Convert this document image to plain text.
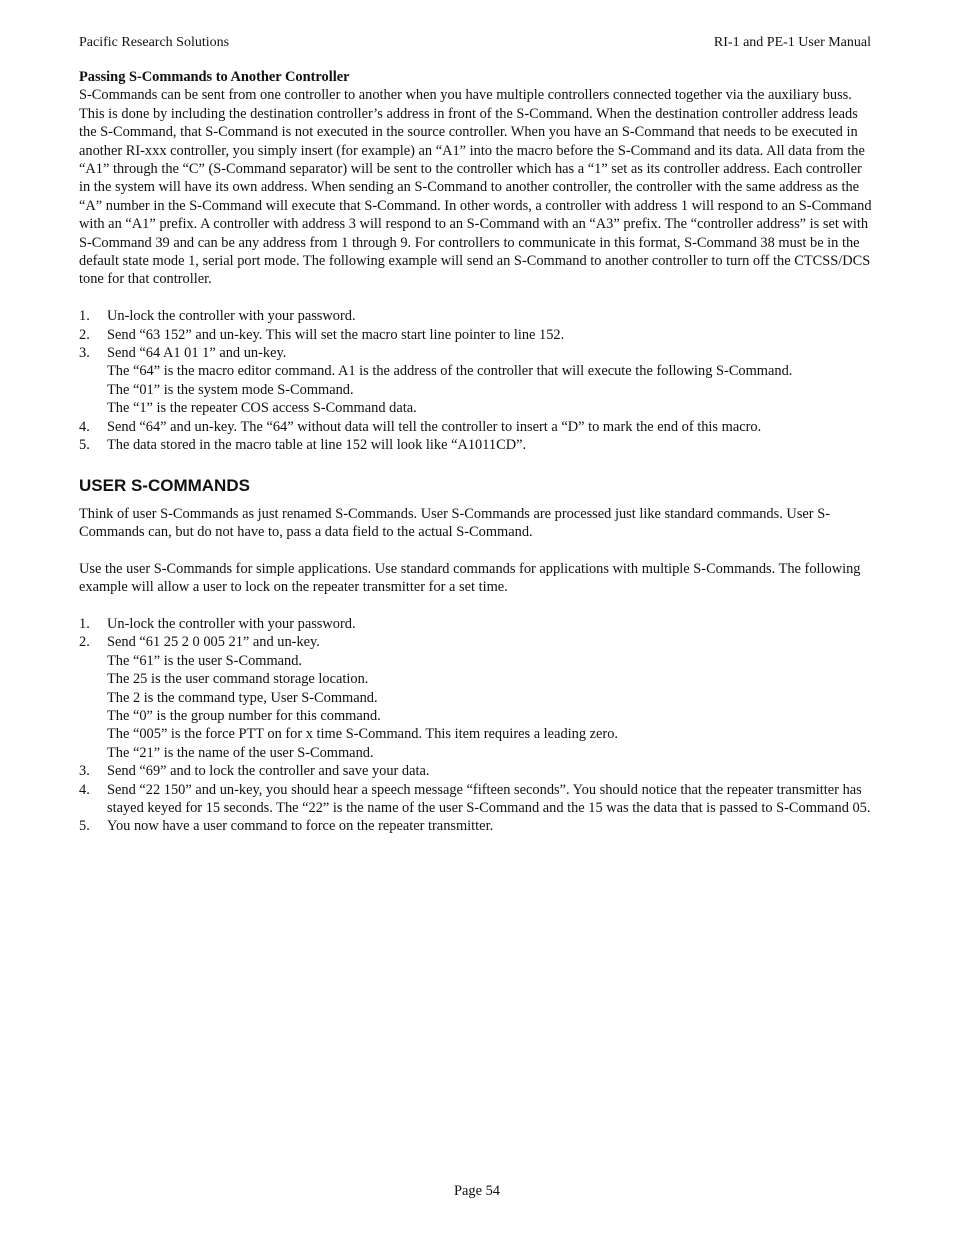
Pacific Research Solutions	RI-1 and PE-1 User Manual

Passing S-Commands to Another Controller

S-Commands can be sent from one controller to another when you have multiple controllers connected together via the auxiliary buss. This is done by including the destination controller’s address in front of the S-Command. When the destination controller address leads the S-Command, that S-Command is not executed in the source controller. When you have an S-Command that needs to be executed in another RI-xxx controller, you simply insert (for example) an “A1” into the macro before the S-Command and its data. All data from the “A1” through the “C” (S-Command separator) will be sent to the controller which has a “1” set as its controller address. Each controller in the system will have its own address. When sending an S-Command to another controller, the controller with the same address as the “A” number in the S-Command will execute that S-Command. In other words, a controller with address 1 will respond to an S-Command with an “A1” prefix. A controller with address 3 will respond to an S-Command with an “A3” prefix. The “controller address” is set with

S-Command 39 and can be any address from 1 through 9. For controllers to communicate in this format, S-Command 38 must be in the default state mode 1, serial port mode. The following example will send an S-Command to another controller to turn off the CTCSS/DCS tone for that controller.

1. Un-lock the controller with your password.
2. Send “63 152” and un-key. This will set the macro start line pointer to line 152.
3. Send “64 A1 01 1” and un-key.
The “64” is the macro editor command. A1 is the address of the controller that will execute the following S-Command.
The “01” is the system mode S-Command.
The “1” is the repeater COS access S-Command data.
4. Send “64” and un-key. The “64” without data will tell the controller to insert a “D” to mark the end of this macro.
5. The data stored in the macro table at line 152 will look like “A1011CD”.
USER S-COMMANDS

Think of user S-Commands as just renamed S-Commands. User S-Commands are processed just like standard commands. User S-Commands can, but do not have to, pass a data field to the actual S-Command.

Use the user S-Commands for simple applications. Use standard commands for applications with multiple S-Commands. The following example will allow a user to lock on the repeater transmitter for a set time.

1. Un-lock the controller with your password.
2. Send “61 25 2 0 005 21” and un-key.
The “61” is the user S-Command.
The 25 is the user command storage location.
The 2 is the command type, User S-Command.
The “0” is the group number for this command.
The “005” is the force PTT on for x time S-Command. This item requires a leading zero.
The “21” is the name of the user S-Command.
3. Send “69” and to lock the controller and save your data.
4. Send “22 150” and un-key, you should hear a speech message “fifteen seconds”. You should notice that the repeater transmitter has stayed keyed for 15 seconds. The “22” is the name of the user S-Command and the 15 was the data that is passed to S-Command 05.
5. You now have a user command to force on the repeater transmitter.
Page 54
